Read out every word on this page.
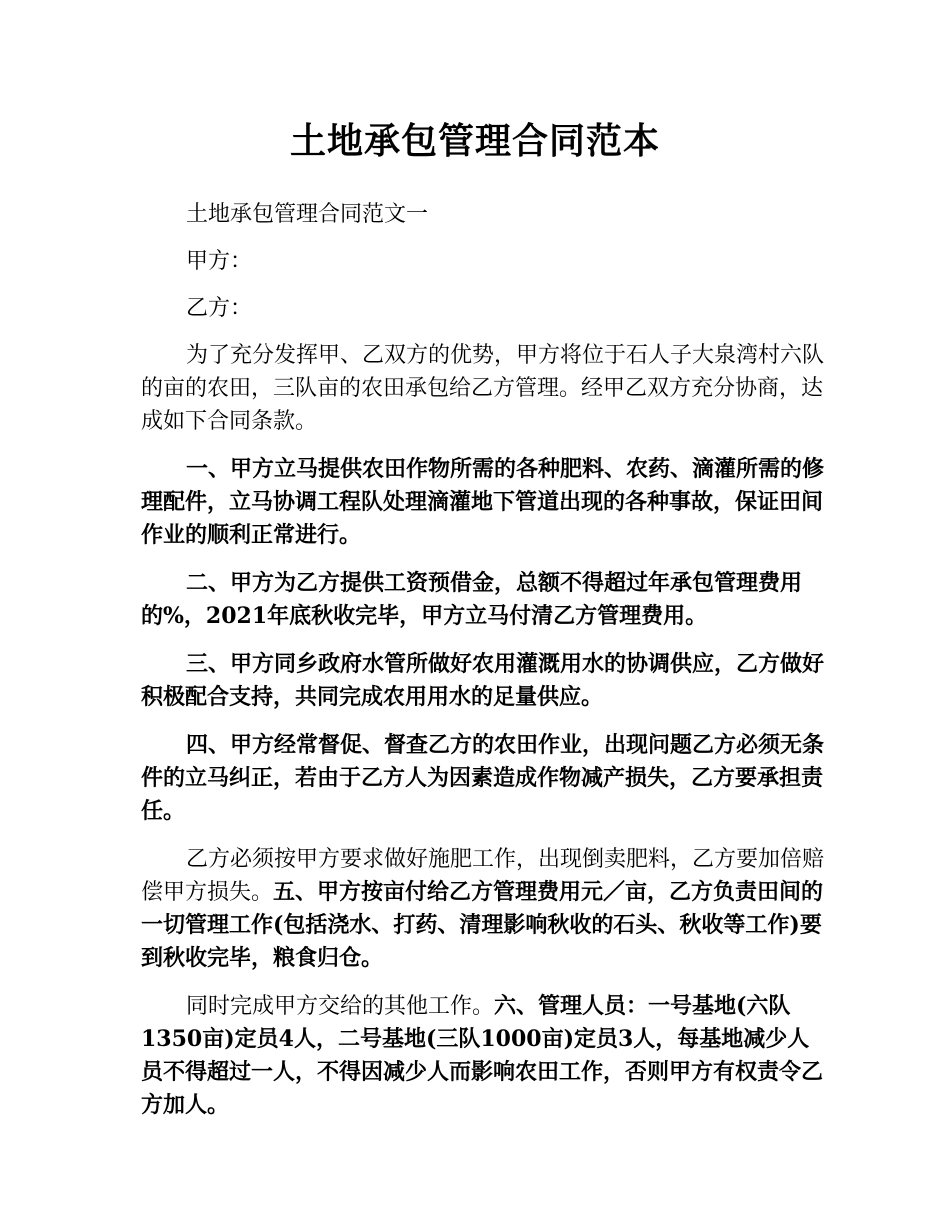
土地承包管理合同范本

土地承包管理合同范文一

甲方：

乙方：

为了充分发挥甲、乙双方的优势，甲方将位于石人子大泉湾村六队的亩的农田，三队亩的农田承包给乙方管理。经甲乙双方充分协商，达成如下合同条款。

一、甲方立马提供农田作物所需的各种肥料、农药、滴灌所需的修理配件，立马协调工程队处理滴灌地下管道出现的各种事故，保证田间作业的顺利正常进行。

二、甲方为乙方提供工资预借金，总额不得超过年承包管理费用的%，2021年底秋收完毕，甲方立马付清乙方管理费用。

三、甲方同乡政府水管所做好农用灌溉用水的协调供应，乙方做好积极配合支持，共同完成农用用水的足量供应。

四、甲方经常督促、督查乙方的农田作业，出现问题乙方必须无条件的立马纠正，若由于乙方人为因素造成作物减产损失，乙方要承担责任。

乙方必须按甲方要求做好施肥工作，出现倒卖肥料，乙方要加倍赔偿甲方损失。五、甲方按亩付给乙方管理费用元／亩，乙方负责田间的一切管理工作(包括浇水、打药、清理影响秋收的石头、秋收等工作)要到秋收完毕，粮食归仓。

同时完成甲方交给的其他工作。六、管理人员：一号基地(六队1350亩)定员4人，二号基地(三队1000亩)定员3人，每基地减少人员不得超过一人，不得因减少人而影响农田工作，否则甲方有权责令乙方加人。
